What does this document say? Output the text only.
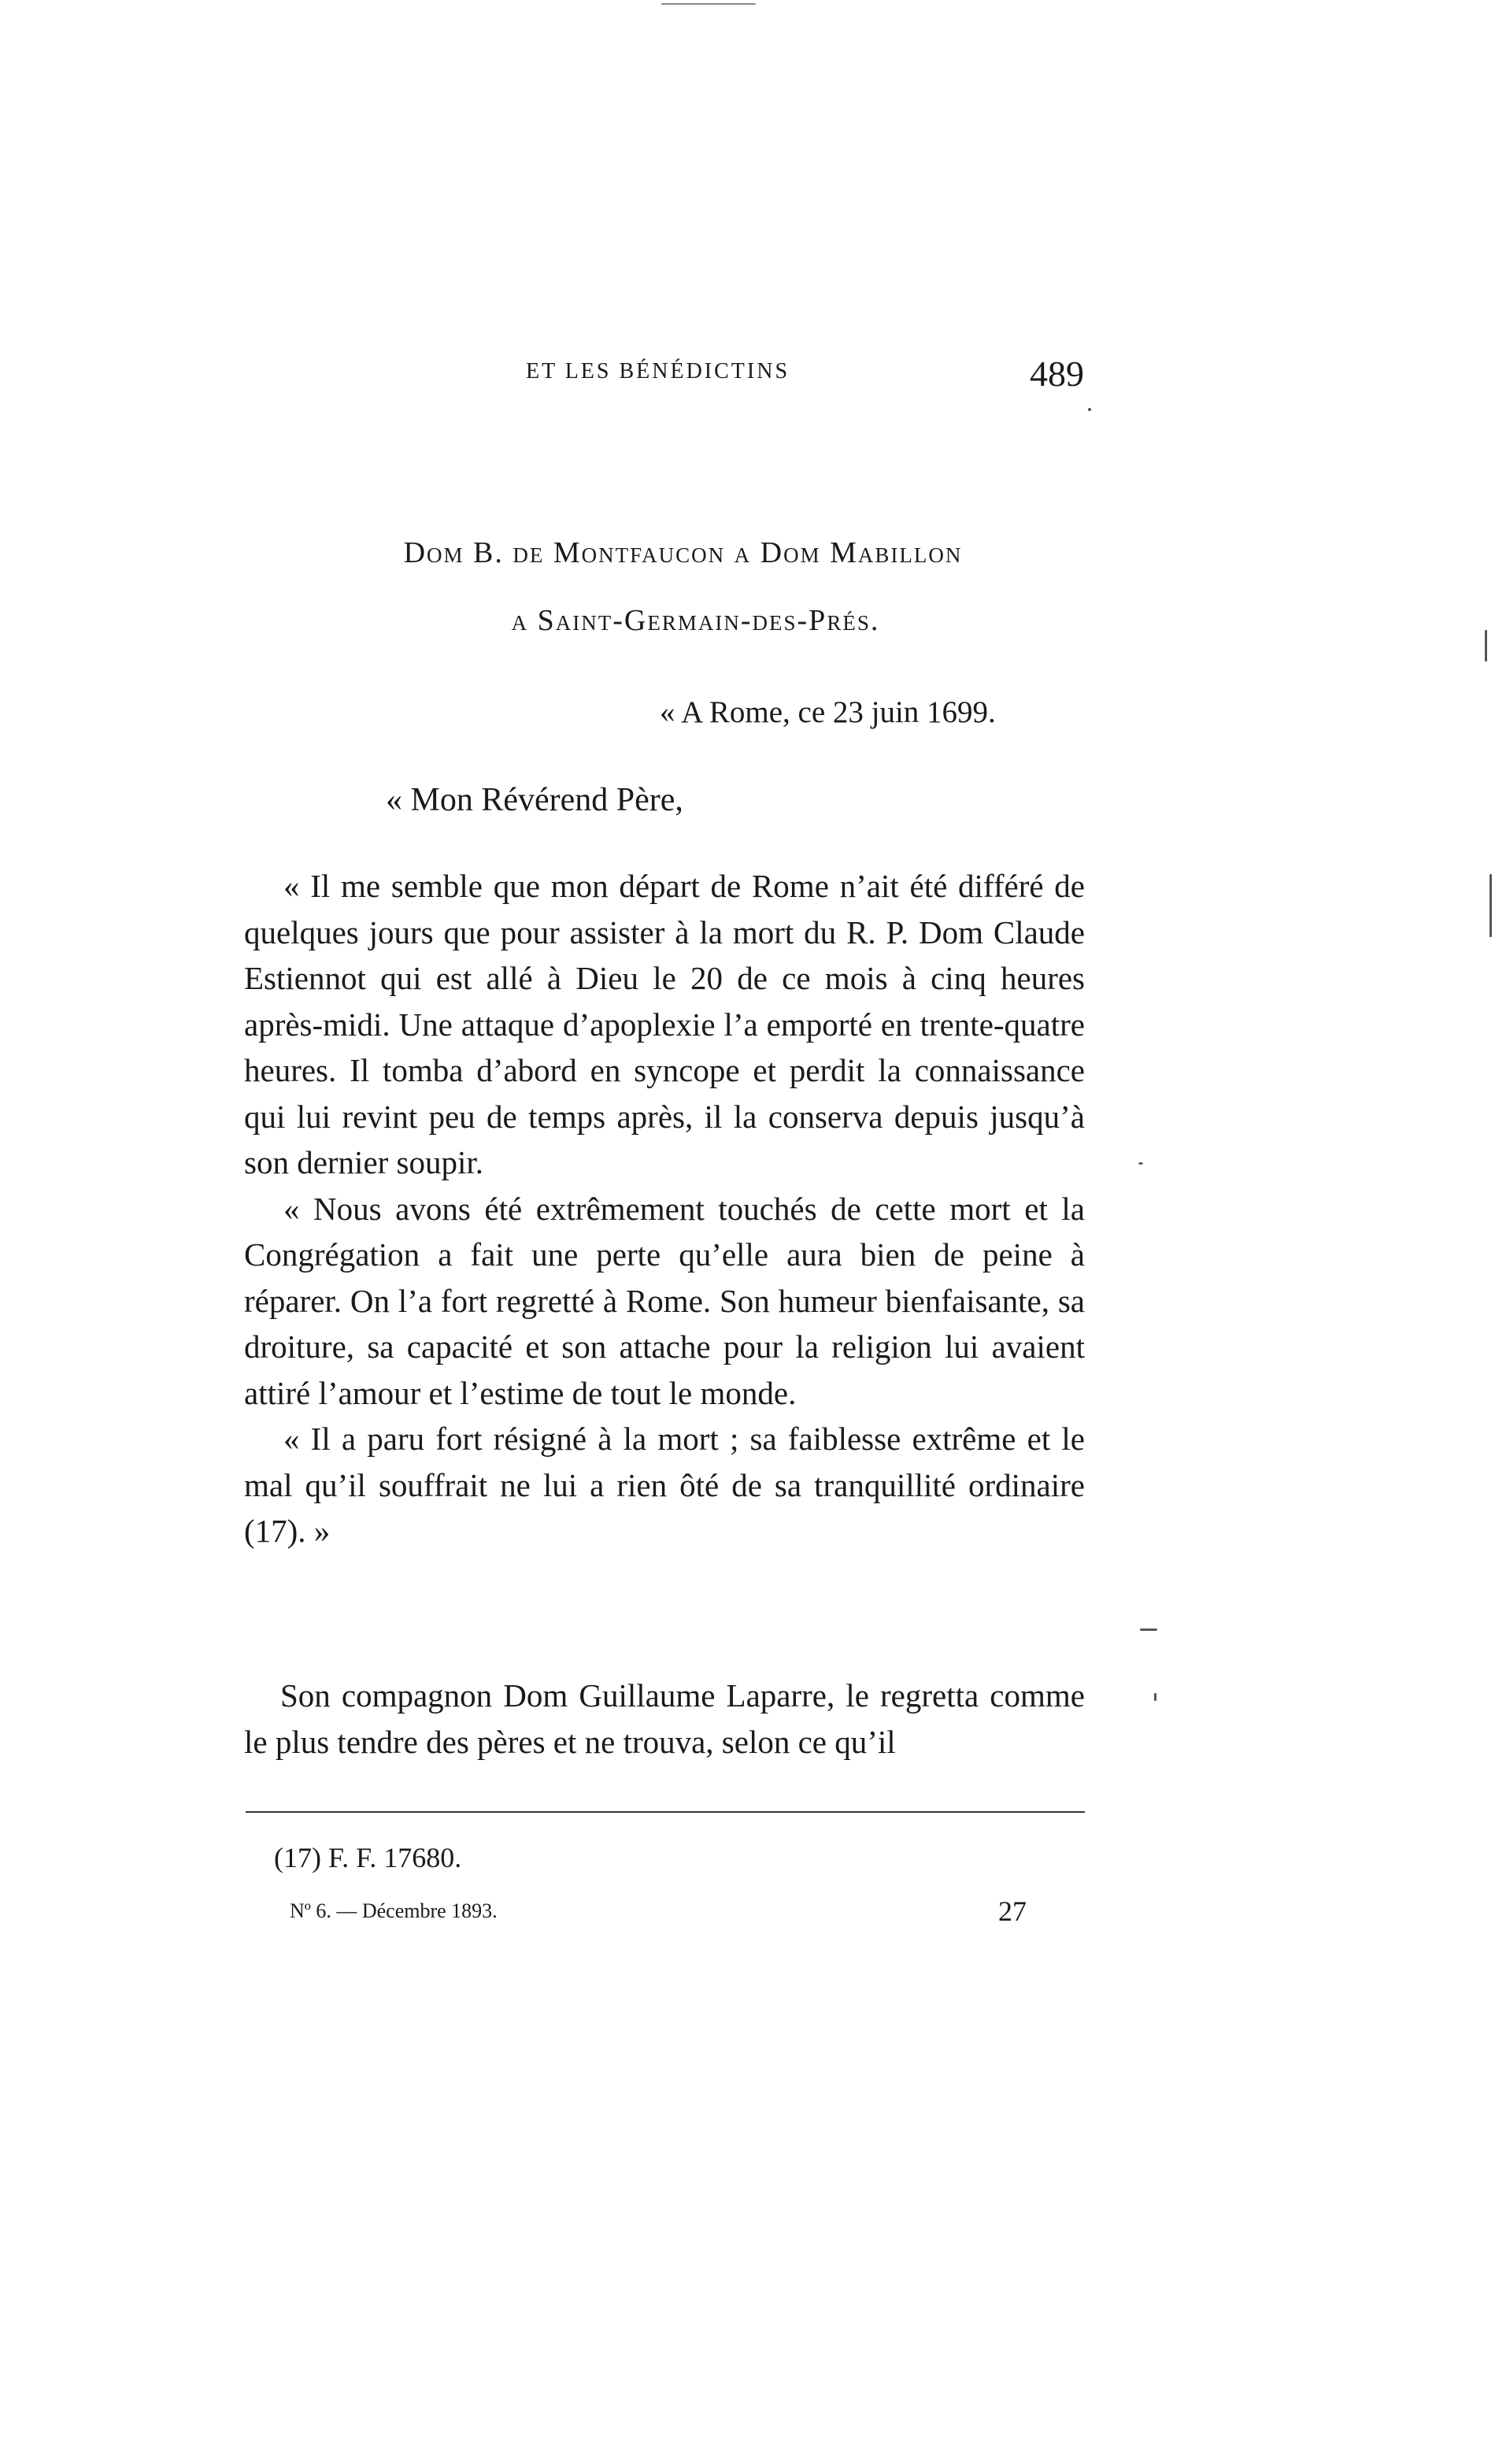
ET LES BÉNÉDICTINS	489
Dom B. de Montfaucon a Dom Mabillon
a Saint-Germain-des-Prés.
« A Rome, ce 23 juin 1699.
« Mon Révérend Père,

« Il me semble que mon départ de Rome n’ait été différé de quelques jours que pour assister à la mort du R. P. Dom Claude Estiennot qui est allé à Dieu le 20 de ce mois à cinq heures après-midi. Une attaque d’apoplexie l’a emporté en trente-quatre heures. Il tomba d’abord en syncope et perdit la connaissance qui lui revint peu de temps après, il la conserva depuis jusqu’à son dernier soupir.

« Nous avons été extrêmement touchés de cette mort et la Congrégation a fait une perte qu’elle aura bien de peine à réparer. On l’a fort regretté à Rome. Son humeur bienfaisante, sa droiture, sa capacité et son attache pour la religion lui avaient attiré l’amour et l’estime de tout le monde.

« Il a paru fort résigné à la mort ; sa faiblesse extrême et le mal qu’il souffrait ne lui a rien ôté de sa tranquillité ordinaire (17). »

Son compagnon Dom Guillaume Laparre, le regretta comme le plus tendre des pères et ne trouva, selon ce qu’il

(17) F. F. 17680.
Nº 6. — Décembre 1893.	27
